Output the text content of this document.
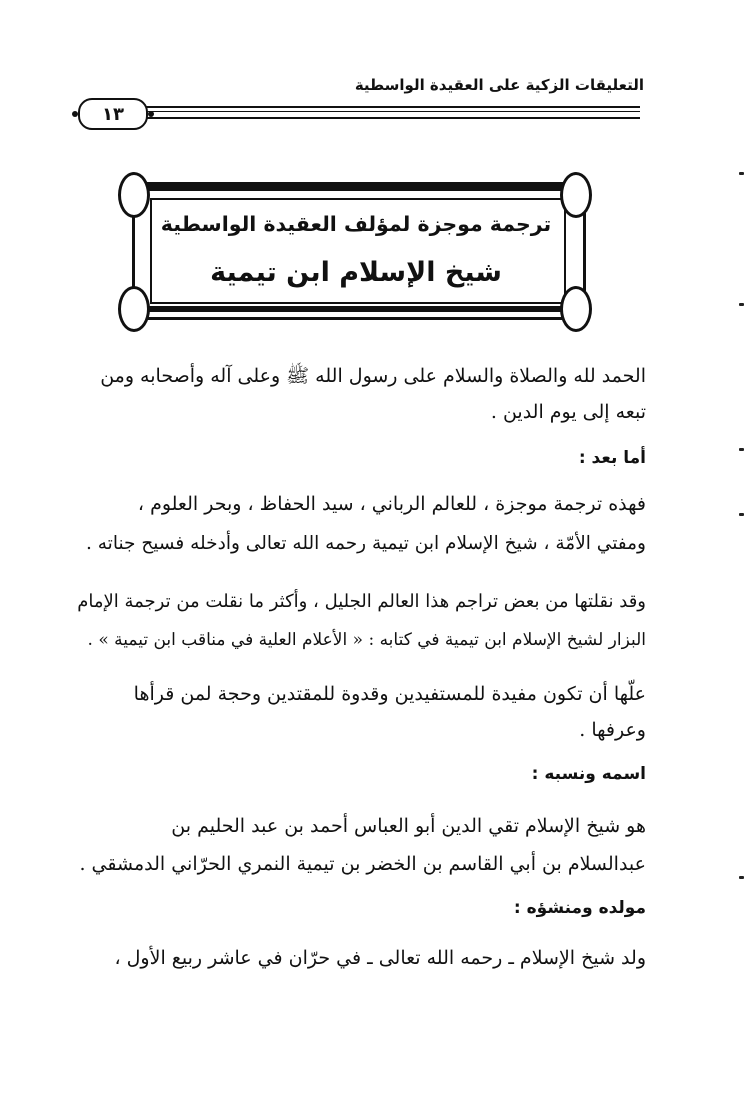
التعليقات الزكية على العقيدة الواسطية
١٣
ترجمة موجزة لمؤلف العقيدة الواسطية
شيخ الإسلام ابن تيمية
الحمد لله والصلاة والسلام على رسول الله ﷺ وعلى آله وأصحابه ومن
تبعه إلى يوم الدين .
أما بعد :
فهذه ترجمة موجزة ، للعالم الرباني ، سيد الحفاظ ، وبحر العلوم ،
ومفتي الأمّة ، شيخ الإسلام ابن تيمية رحمه الله تعالى وأدخله فسيح جناته .
وقد نقلتها من بعض تراجم هذا العالم الجليل ، وأكثر ما نقلت من ترجمة الإمام
البزار لشيخ الإسلام ابن تيمية في كتابه : « الأعلام العلية في مناقب ابن تيمية » .
علّها أن تكون مفيدة للمستفيدين وقدوة للمقتدين وحجة لمن قرأها
وعرفها .
اسمه ونسبه :
هو شيخ الإسلام تقي الدين أبو العباس أحمد بن عبد الحليم بن
عبدالسلام بن أبي القاسم بن الخضر بن تيمية النمري الحرّاني الدمشقي .
مولده ومنشؤه :
ولد شيخ الإسلام ـ رحمه الله تعالى ـ في حرّان في عاشر ربيع الأول ،
